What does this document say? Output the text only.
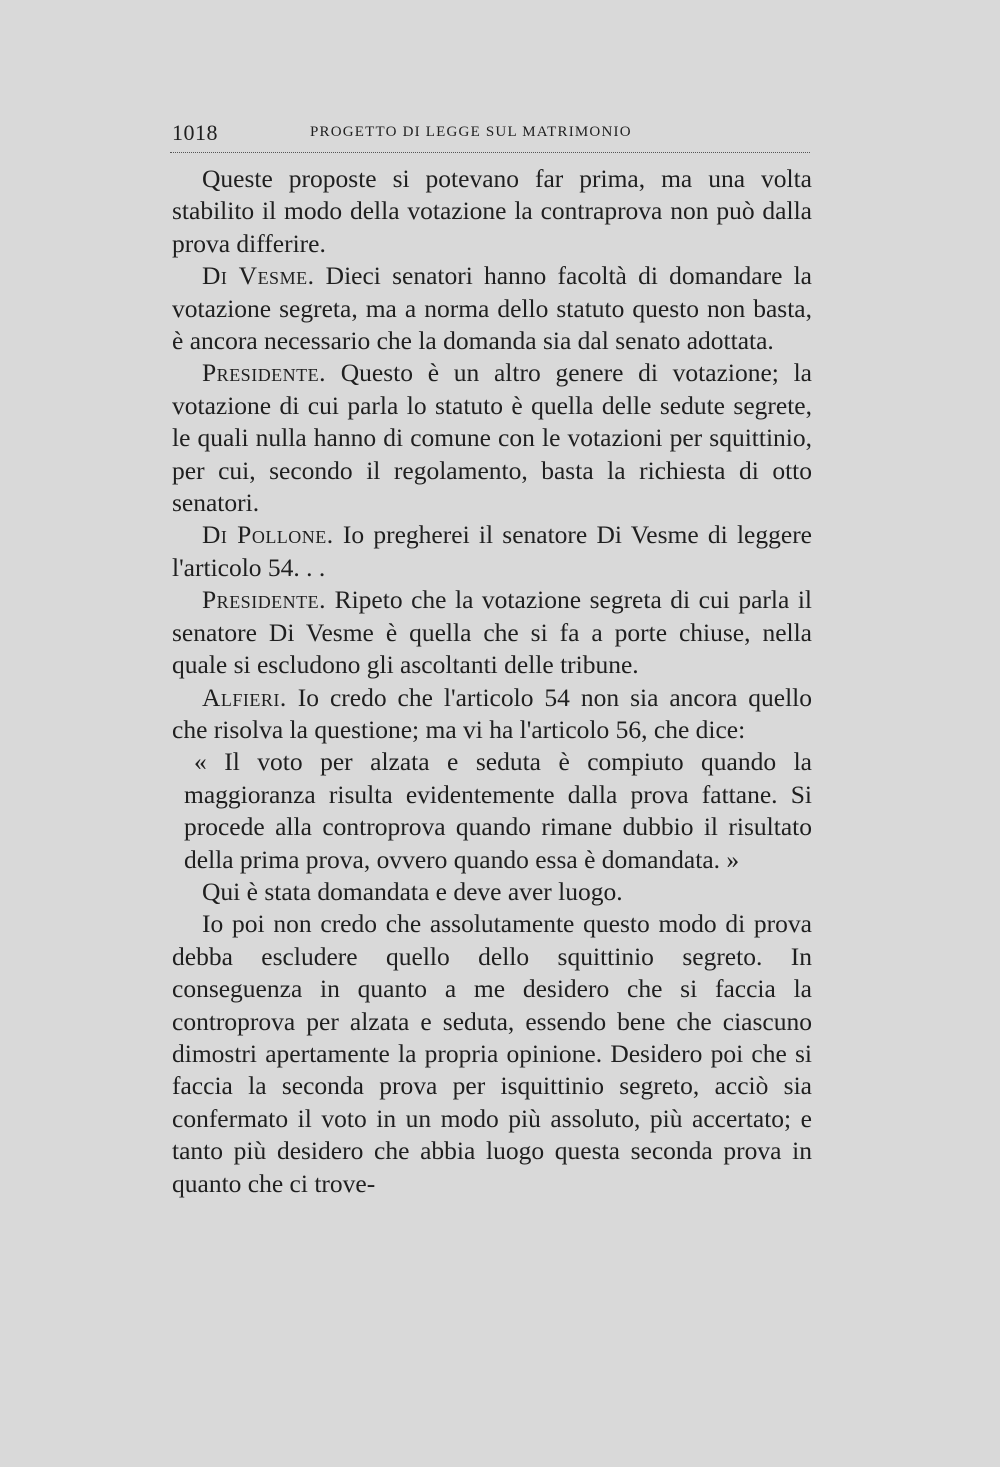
1018	PROGETTO DI LEGGE SUL MATRIMONIO

Queste proposte si potevano far prima, ma una volta stabilito il modo della votazione la contraprova non può dalla prova differire.

Di Vesme. Dieci senatori hanno facoltà di domandare la votazione segreta, ma a norma dello statuto questo non basta, è ancora necessario che la domanda sia dal senato adottata.

Presidente. Questo è un altro genere di votazione; la votazione di cui parla lo statuto è quella delle sedute segrete, le quali nulla hanno di comune con le votazioni per squittinio, per cui, secondo il regolamento, basta la richiesta di otto senatori.

Di Pollone. Io pregherei il senatore Di Vesme di leggere l'articolo 54. . .

Presidente. Ripeto che la votazione segreta di cui parla il senatore Di Vesme è quella che si fa a porte chiuse, nella quale si escludono gli ascoltanti delle tribune.

Alfieri. Io credo che l'articolo 54 non sia ancora quello che risolva la questione; ma vi ha l'articolo 56, che dice:

« Il voto per alzata e seduta è compiuto quando la maggioranza risulta evidentemente dalla prova fattane. Si procede alla controprova quando rimane dubbio il risultato della prima prova, ovvero quando essa è domandata. »

Qui è stata domandata e deve aver luogo.

Io poi non credo che assolutamente questo modo di prova debba escludere quello dello squittinio segreto. In conseguenza in quanto a me desidero che si faccia la controprova per alzata e seduta, essendo bene che ciascuno dimostri apertamente la propria opinione. Desidero poi che si faccia la seconda prova per isquittinio segreto, acciò sia confermato il voto in un modo più assoluto, più accertato; e tanto più desidero che abbia luogo questa seconda prova in quanto che ci trove-
